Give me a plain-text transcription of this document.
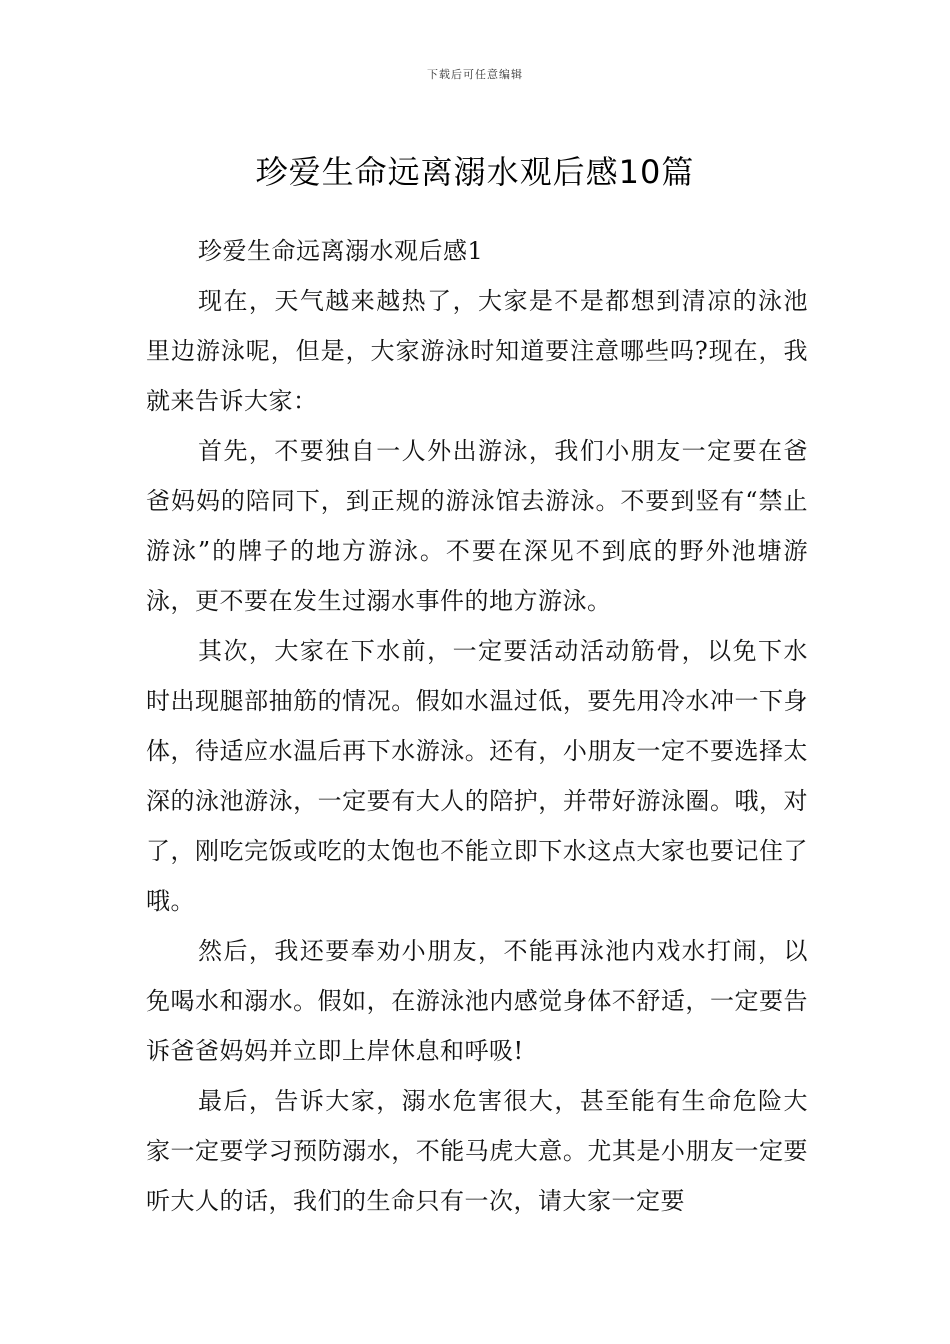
下载后可任意编辑
珍爱生命远离溺水观后感10篇

珍爱生命远离溺水观后感1

现在，天气越来越热了，大家是不是都想到清凉的泳池里边游泳呢，但是，大家游泳时知道要注意哪些吗?现在，我就来告诉大家：

首先，不要独自一人外出游泳，我们小朋友一定要在爸爸妈妈的陪同下，到正规的游泳馆去游泳。不要到竖有“禁止游泳”的牌子的地方游泳。不要在深见不到底的野外池塘游泳，更不要在发生过溺水事件的地方游泳。

其次，大家在下水前，一定要活动活动筋骨，以免下水时出现腿部抽筋的情况。假如水温过低，要先用冷水冲一下身体，待适应水温后再下水游泳。还有，小朋友一定不要选择太深的泳池游泳，一定要有大人的陪护，并带好游泳圈。哦，对了，刚吃完饭或吃的太饱也不能立即下水这点大家也要记住了哦。

然后，我还要奉劝小朋友，不能再泳池内戏水打闹，以免喝水和溺水。假如，在游泳池内感觉身体不舒适，一定要告诉爸爸妈妈并立即上岸休息和呼吸!

最后，告诉大家，溺水危害很大，甚至能有生命危险大家一定要学习预防溺水，不能马虎大意。尤其是小朋友一定要听大人的话，我们的生命只有一次，请大家一定要
